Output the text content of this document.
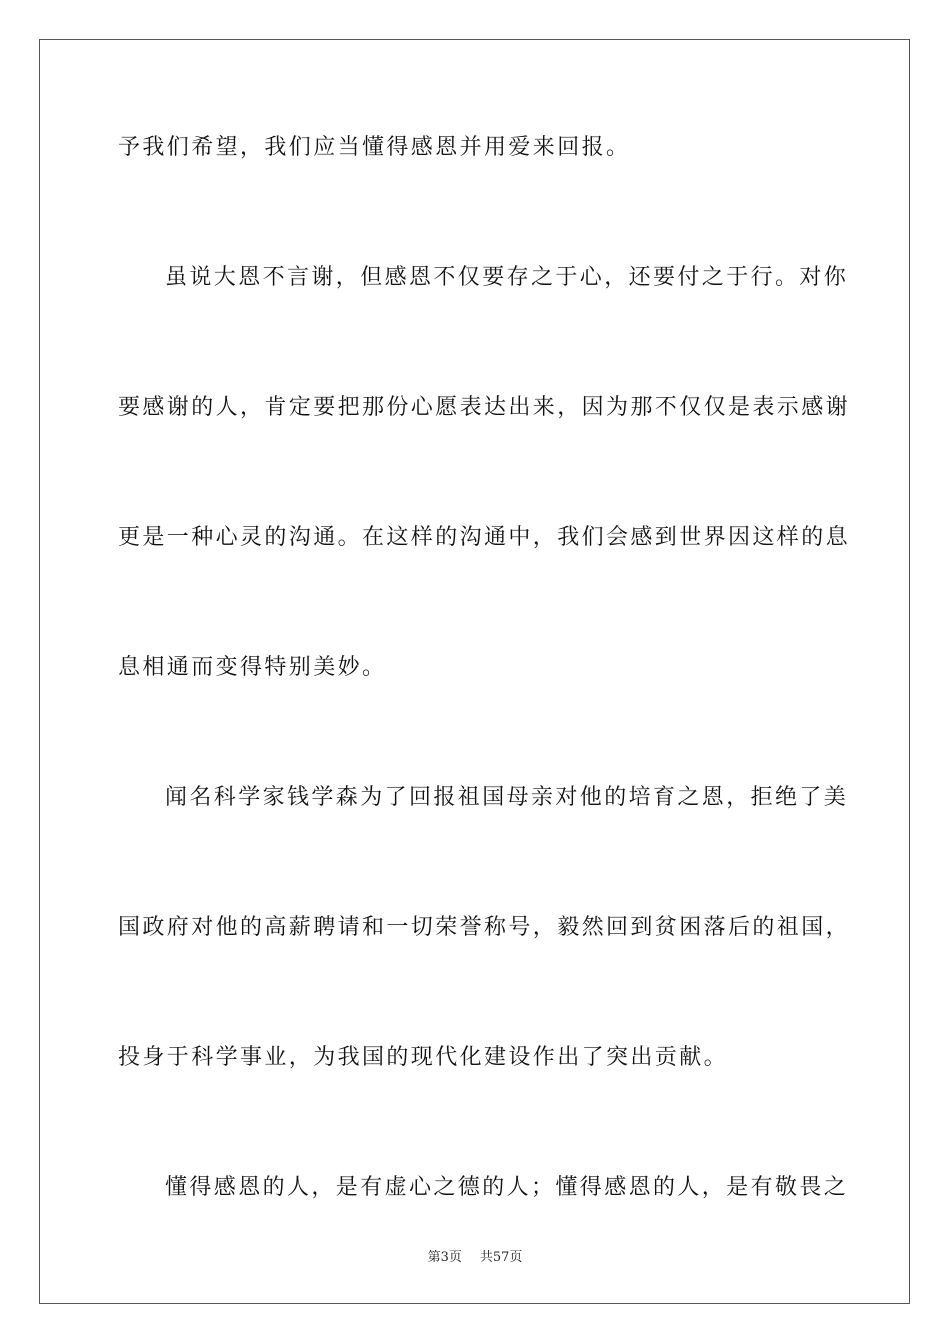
予我们希望，我们应当懂得感恩并用爱来回报。
虽说大恩不言谢，但感恩不仅要存之于心，还要付之于行。对你
要感谢的人，肯定要把那份心愿表达出来，因为那不仅仅是表示感谢
更是一种心灵的沟通。在这样的沟通中，我们会感到世界因这样的息
息相通而变得特别美妙。
闻名科学家钱学森为了回报祖国母亲对他的培育之恩，拒绝了美
国政府对他的高薪聘请和一切荣誉称号，毅然回到贫困落后的祖国，
投身于科学事业，为我国的现代化建设作出了突出贡献。
懂得感恩的人，是有虚心之德的人；懂得感恩的人，是有敬畏之
第3页 共57页
